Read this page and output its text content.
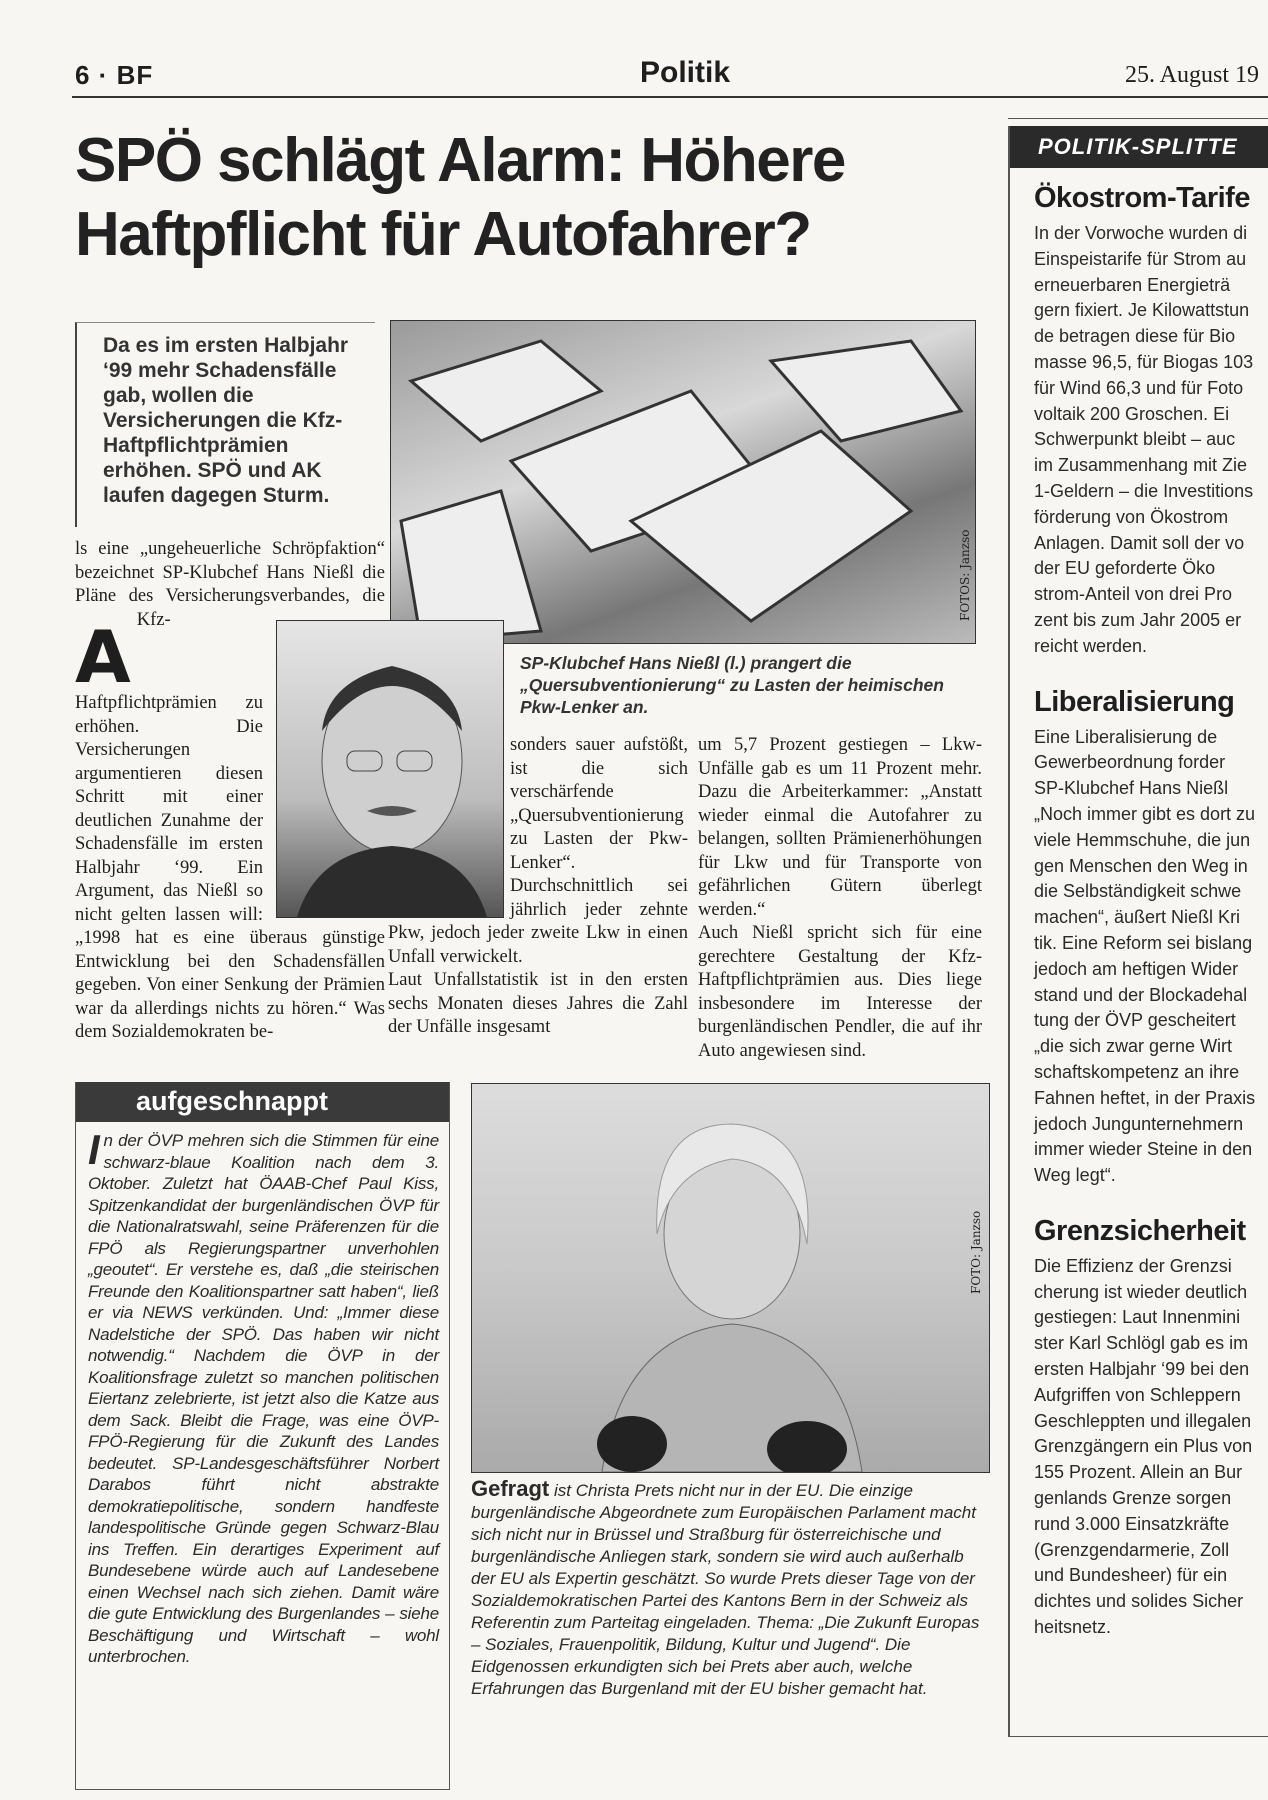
6 · BF	Politik	25. August 19
SPÖ schlägt Alarm: Höhere Haftpflicht für Autofahrer?
Da es im ersten Halbjahr ‘99 mehr Schadensfälle gab, wollen die Versicherungen die Kfz-Haftpflichtprämien erhöhen. SPÖ und AK laufen dagegen Sturm.
FOTOS: Janzso
SP-Klubchef Hans Nießl (l.) prangert die „Quersubventionierung“ zu Lasten der heimischen Pkw-Lenker an.
A

ls eine „ungeheuerliche Schröpfaktion“ bezeichnet SP-Klubchef Hans Nießl die Pläne des Versicherungsverbandes, die Kfz-Haftpflichtprämien zu erhöhen. Die Versicherungen argumentieren diesen Schritt mit einer deutlichen Zunahme der Schadensfälle im ersten Halbjahr ‘99. Ein Argument, das Nießl so nicht gelten lassen will: „1998 hat es eine überaus günstige Entwicklung bei den Schadensfällen gegeben. Von einer Senkung der Prämien war da allerdings nichts zu hören.“ Was dem Sozialdemokraten be-

sonders sauer aufstößt, ist die sich verschärfende „Quersubventionierung zu Lasten der Pkw-Lenker“. Durchschnittlich sei jährlich jeder zehnte Pkw, jedoch jeder zweite Lkw in einen Unfall verwickelt.

Laut Unfallstatistik ist in den ersten sechs Monaten dieses Jahres die Zahl der Unfälle insgesamt

um 5,7 Prozent gestiegen – Lkw-Unfälle gab es um 11 Prozent mehr. Dazu die Arbeiterkammer: „Anstatt wieder einmal die Autofahrer zu belangen, sollten Prämienerhöhungen für Lkw und für Transporte von gefährlichen Gütern überlegt werden.“

Auch Nießl spricht sich für eine gerechtere Gestaltung der Kfz-Haftpflichtprämien aus. Dies liege insbesondere im Interesse der burgenländischen Pendler, die auf ihr Auto angewiesen sind.

aufgeschnappt
I n der ÖVP mehren sich die Stimmen für eine schwarz-blaue Koalition nach dem 3. Oktober. Zuletzt hat ÖAAB-Chef Paul Kiss, Spitzenkandidat der burgenländischen ÖVP für die Nationalratswahl, seine Präferenzen für die FPÖ als Regierungspartner unverhohlen „geoutet“. Er verstehe es, daß „die steirischen Freunde den Koalitionspartner satt haben“, ließ er via NEWS verkünden. Und: „Immer diese Nadelstiche der SPÖ. Das haben wir nicht notwendig.“ Nachdem die ÖVP in der Koalitionsfrage zuletzt so manchen politischen Eiertanz zelebrierte, ist jetzt also die Katze aus dem Sack. Bleibt die Frage, was eine ÖVP-FPÖ-Regierung für die Zukunft des Landes bedeutet. SP-Landesgeschäftsführer Norbert Darabos führt nicht abstrakte demokratiepolitische, sondern handfeste landespolitische Gründe gegen Schwarz-Blau ins Treffen. Ein derartiges Experiment auf Bundesebene würde auch auf Landesebene einen Wechsel nach sich ziehen. Damit wäre die gute Entwicklung des Burgenlandes – siehe Beschäftigung und Wirtschaft – wohl unterbrochen.
FOTO: Janzso
Gefragt ist Christa Prets nicht nur in der EU. Die einzige burgenländische Abgeordnete zum Europäischen Parlament macht sich nicht nur in Brüssel und Straßburg für österreichische und burgenländische Anliegen stark, sondern sie wird auch außerhalb der EU als Expertin geschätzt. So wurde Prets dieser Tage von der Sozialdemokratischen Partei des Kantons Bern in der Schweiz als Referentin zum Parteitag eingeladen. Thema: „Die Zukunft Europas – Soziales, Frauenpolitik, Bildung, Kultur und Jugend“. Die Eidgenossen erkundigten sich bei Prets aber auch, welche Erfahrungen das Burgenland mit der EU bisher gemacht hat.
POLITIK-SPLITTE
Ökostrom-Tarife
In der Vorwoche wurden di
Einspeistarife für Strom au
erneuerbaren Energieträ
gern fixiert. Je Kilowattstun
de betragen diese für Bio
masse 96,5, für Biogas 103
für Wind 66,3 und für Foto
voltaik 200 Groschen. Ei
Schwerpunkt bleibt – auc
im Zusammenhang mit Zie
1-Geldern – die Investitions
förderung von Ökostrom
Anlagen. Damit soll der vo
der EU geforderte Öko
strom-Anteil von drei Pro
zent bis zum Jahr 2005 er
reicht werden.
Liberalisierung
Eine Liberalisierung de
Gewerbeordnung forder
SP-Klubchef Hans Nießl
„Noch immer gibt es dort zu
viele Hemmschuhe, die jun
gen Menschen den Weg in
die Selbständigkeit schwe
machen“, äußert Nießl Kri
tik. Eine Reform sei bislang
jedoch am heftigen Wider
stand und der Blockadehal
tung der ÖVP gescheitert
„die sich zwar gerne Wirt
schaftskompetenz an ihre
Fahnen heftet, in der Praxis
jedoch Jungunternehmern
immer wieder Steine in den
Weg legt“.
Grenzsicherheit
Die Effizienz der Grenzsi
cherung ist wieder deutlich
gestiegen: Laut Innenmini
ster Karl Schlögl gab es im
ersten Halbjahr ‘99 bei den
Aufgriffen von Schleppern
Geschleppten und illegalen
Grenzgängern ein Plus von
155 Prozent. Allein an Bur
genlands Grenze sorgen
rund 3.000 Einsatzkräfte
(Grenzgendarmerie, Zoll
und Bundesheer) für ein
dichtes und solides Sicher
heitsnetz.
